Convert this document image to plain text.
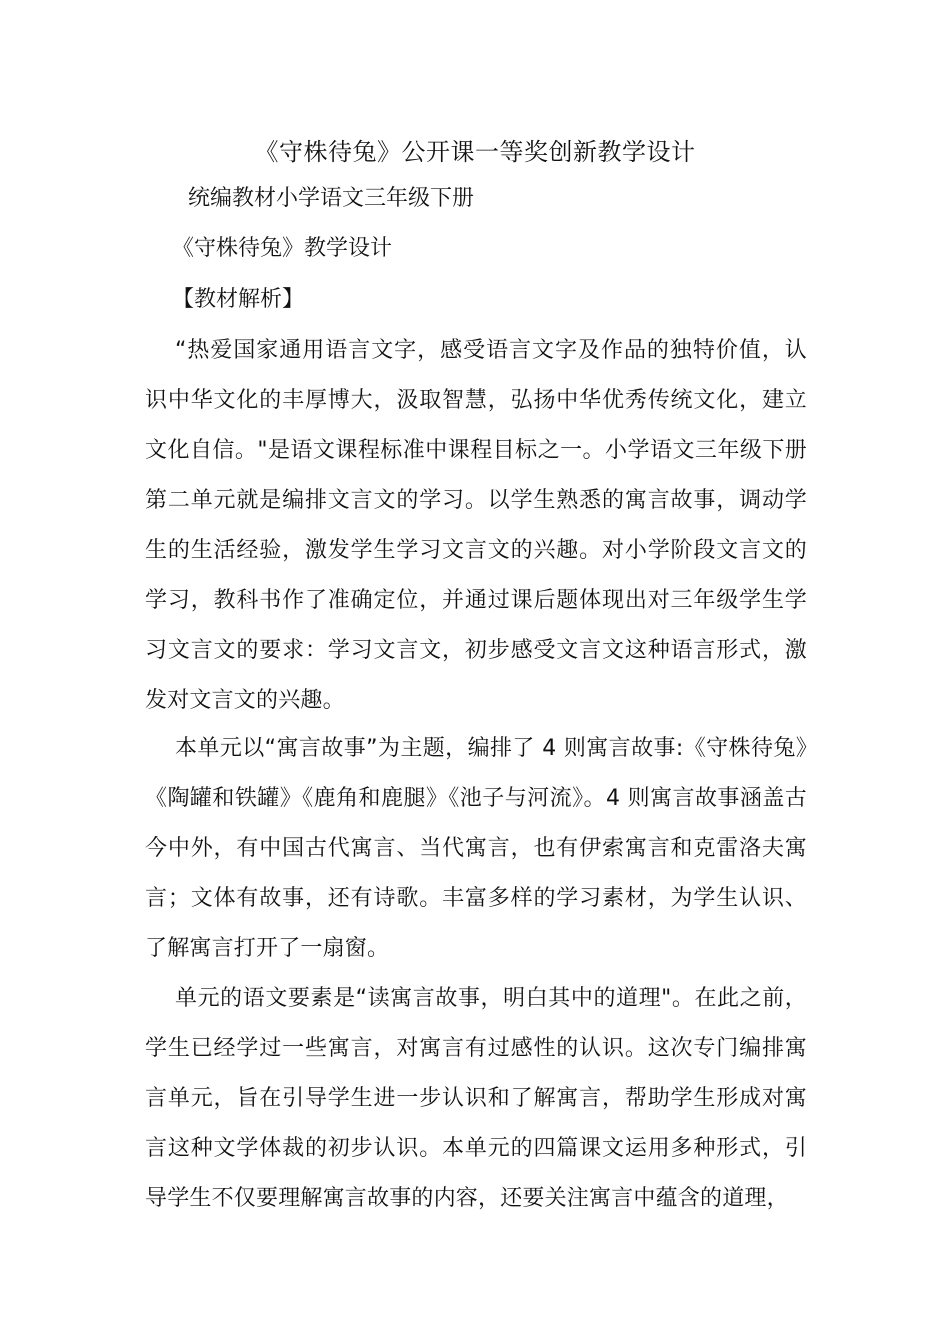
《守株待兔》公开课一等奖创新教学设计

统编教材小学语文三年级下册

《守株待兔》教学设计

【教材解析】

“热爱国家通用语言文字，感受语言文字及作品的独特价值，认识中华文化的丰厚博大，汲取智慧，弘扬中华优秀传统文化，建立文化自信。"是语文课程标准中课程目标之一。小学语文三年级下册第二单元就是编排文言文的学习。以学生熟悉的寓言故事，调动学生的生活经验，激发学生学习文言文的兴趣。对小学阶段文言文的学习，教科书作了准确定位，并通过课后题体现出对三年级学生学习文言文的要求：学习文言文，初步感受文言文这种语言形式，激发对文言文的兴趣。

本单元以“寓言故事”为主题，编排了 4 则寓言故事:《守株待兔》《陶罐和铁罐》《鹿角和鹿腿》《池子与河流》。4 则寓言故事涵盖古今中外，有中国古代寓言、当代寓言，也有伊索寓言和克雷洛夫寓言；文体有故事，还有诗歌。丰富多样的学习素材，为学生认识、了解寓言打开了一扇窗。

单元的语文要素是“读寓言故事，明白其中的道理"。在此之前，学生已经学过一些寓言，对寓言有过感性的认识。这次专门编排寓言单元，旨在引导学生进一步认识和了解寓言，帮助学生形成对寓言这种文学体裁的初步认识。本单元的四篇课文运用多种形式，引导学生不仅要理解寓言故事的内容，还要关注寓言中蕴含的道理，
